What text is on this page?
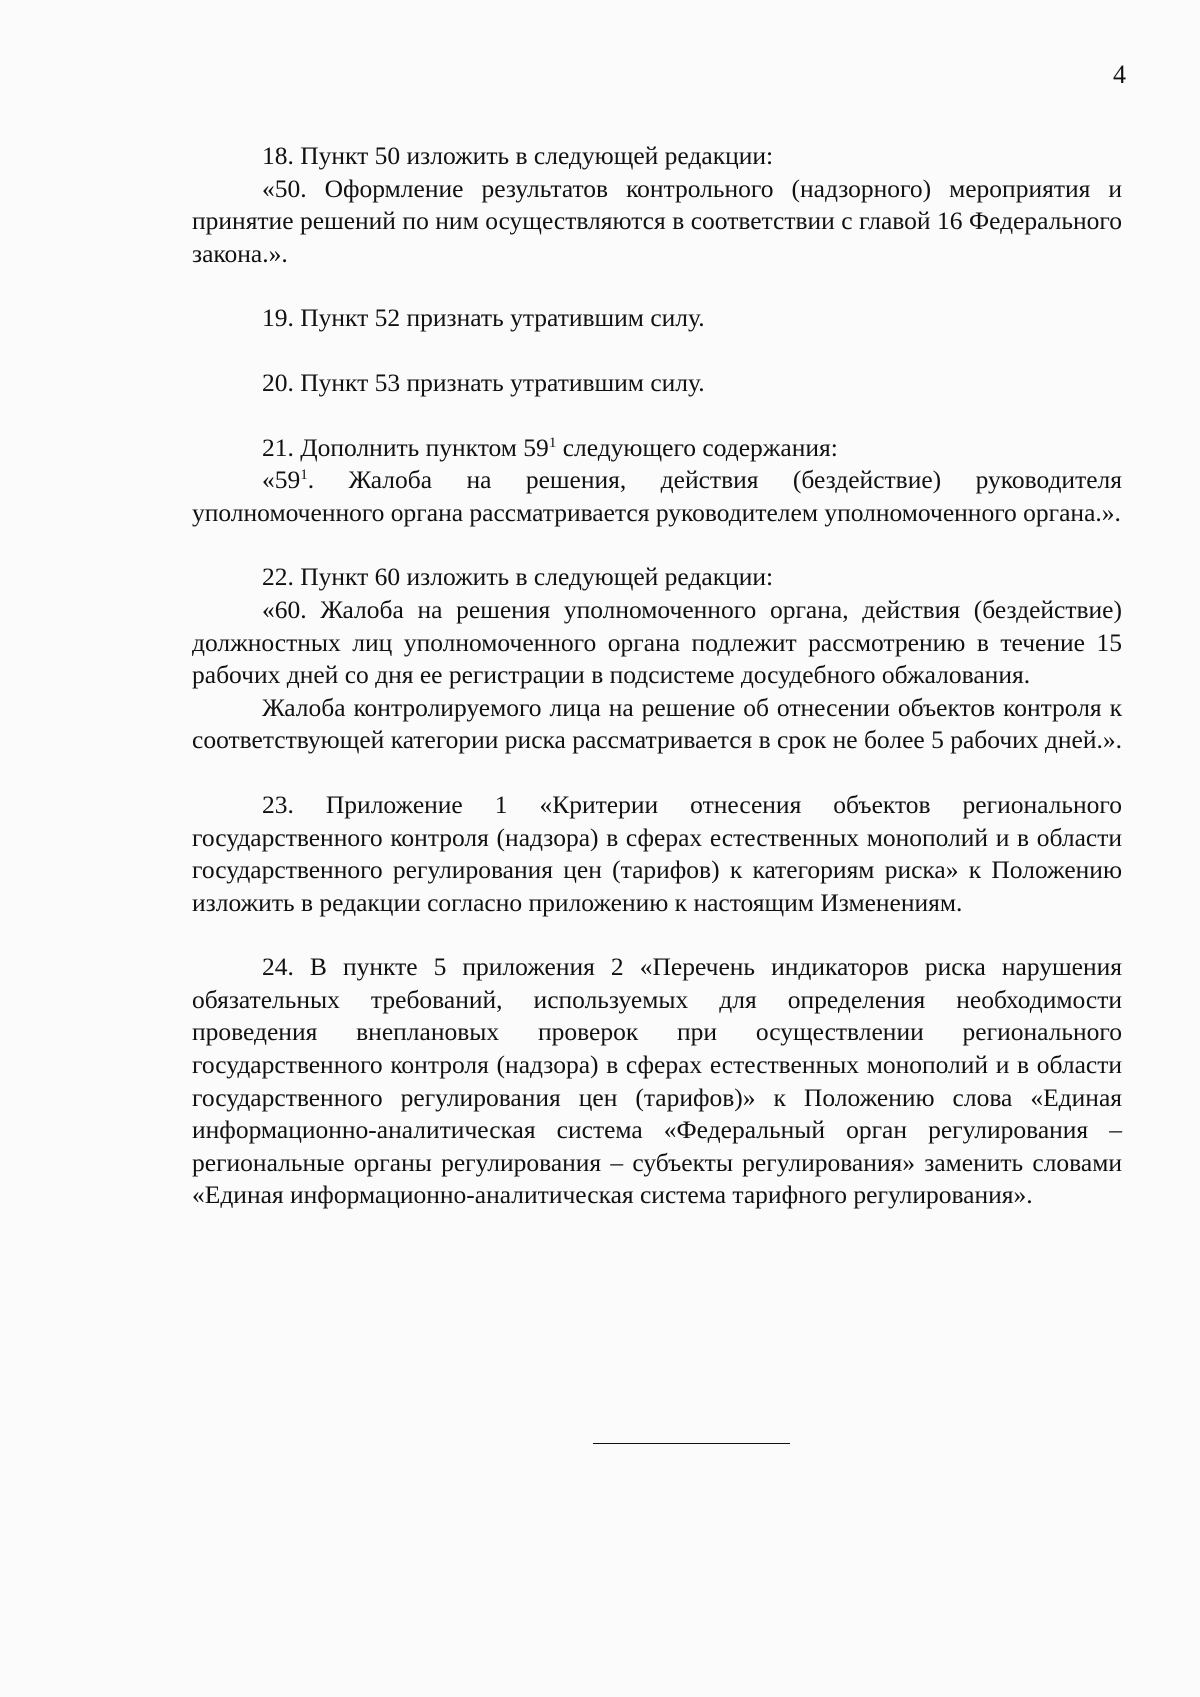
4

18. Пункт 50 изложить в следующей редакции:

«50. Оформление результатов контрольного (надзорного) мероприятия и принятие решений по ним осуществляются в соответствии с главой 16 Федерального закона.».

19. Пункт 52 признать утратившим силу.

20. Пункт 53 признать утратившим силу.

21. Дополнить пунктом $59^1$ следующего содержания:

«$59^1$. Жалоба на решения, действия (бездействие) руководителя уполномоченного органа рассматривается руководителем уполномоченного органа.».

22. Пункт 60 изложить в следующей редакции:

«60. Жалоба на решения уполномоченного органа, действия (бездействие) должностных лиц уполномоченного органа подлежит рассмотрению в течение 15 рабочих дней со дня ее регистрации в подсистеме досудебного обжалования.

Жалоба контролируемого лица на решение об отнесении объектов контроля к соответствующей категории риска рассматривается в срок не более 5 рабочих дней.».

23. Приложение 1 «Критерии отнесения объектов регионального государственного контроля (надзора) в сферах естественных монополий и в области государственного регулирования цен (тарифов) к категориям риска» к Положению изложить в редакции согласно приложению к настоящим Изменениям.

24. В пункте 5 приложения 2 «Перечень индикаторов риска нарушения обязательных требований, используемых для определения необходимости проведения внеплановых проверок при осуществлении регионального государственного контроля (надзора) в сферах естественных монополий и в области государственного регулирования цен (тарифов)» к Положению слова «Единая информационно-аналитическая система «Федеральный орган регулирования – региональные органы регулирования – субъекты регулирования» заменить словами «Единая информационно-аналитическая система тарифного регулирования».
